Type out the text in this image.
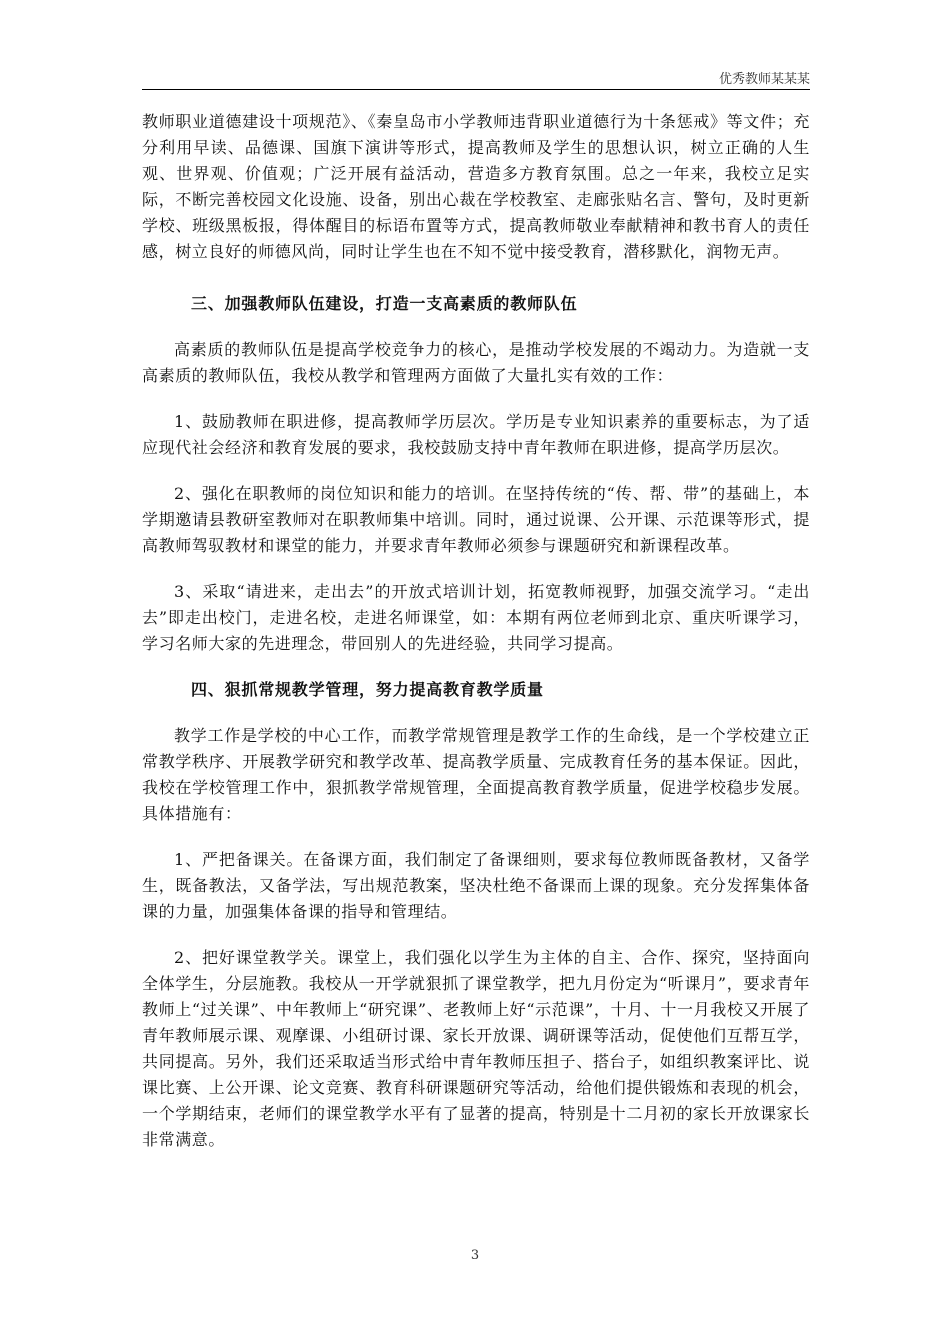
优秀教师某某某

教师职业道德建设十项规范》、《秦皇岛市小学教师违背职业道德行为十条惩戒》等文件；充分利用早读、品德课、国旗下演讲等形式，提高教师及学生的思想认识，树立正确的人生观、世界观、价值观；广泛开展有益活动，营造多方教育氛围。总之一年来，我校立足实际，不断完善校园文化设施、设备，别出心裁在学校教室、走廊张贴名言、警句，及时更新学校、班级黑板报，得体醒目的标语布置等方式，提高教师敬业奉献精神和教书育人的责任感，树立良好的师德风尚，同时让学生也在不知不觉中接受教育，潜移默化，润物无声。

三、加强教师队伍建设，打造一支高素质的教师队伍

高素质的教师队伍是提高学校竞争力的核心，是推动学校发展的不竭动力。为造就一支高素质的教师队伍，我校从教学和管理两方面做了大量扎实有效的工作：

1、鼓励教师在职进修，提高教师学历层次。学历是专业知识素养的重要标志，为了适应现代社会经济和教育发展的要求，我校鼓励支持中青年教师在职进修，提高学历层次。

2、强化在职教师的岗位知识和能力的培训。在坚持传统的“传、帮、带”的基础上，本学期邀请县教研室教师对在职教师集中培训。同时，通过说课、公开课、示范课等形式，提高教师驾驭教材和课堂的能力，并要求青年教师必须参与课题研究和新课程改革。

3、采取“请进来，走出去”的开放式培训计划，拓宽教师视野，加强交流学习。“走出去”即走出校门，走进名校，走进名师课堂，如：本期有两位老师到北京、重庆听课学习，学习名师大家的先进理念，带回别人的先进经验，共同学习提高。

四、狠抓常规教学管理，努力提高教育教学质量

教学工作是学校的中心工作，而教学常规管理是教学工作的生命线，是一个学校建立正常教学秩序、开展教学研究和教学改革、提高教学质量、完成教育任务的基本保证。因此，我校在学校管理工作中，狠抓教学常规管理，全面提高教育教学质量，促进学校稳步发展。具体措施有：

1、严把备课关。在备课方面，我们制定了备课细则，要求每位教师既备教材，又备学生，既备教法，又备学法，写出规范教案，坚决杜绝不备课而上课的现象。充分发挥集体备课的力量，加强集体备课的指导和管理结。

2、把好课堂教学关。课堂上，我们强化以学生为主体的自主、合作、探究，坚持面向全体学生，分层施教。我校从一开学就狠抓了课堂教学，把九月份定为“听课月”，要求青年教师上“过关课”、中年教师上“研究课”、老教师上好“示范课”，十月、十一月我校又开展了青年教师展示课、观摩课、小组研讨课、家长开放课、调研课等活动，促使他们互帮互学，共同提高。另外，我们还采取适当形式给中青年教师压担子、搭台子，如组织教案评比、说课比赛、上公开课、论文竞赛、教育科研课题研究等活动，给他们提供锻炼和表现的机会，一个学期结束，老师们的课堂教学水平有了显著的提高，特别是十二月初的家长开放课家长非常满意。

3
